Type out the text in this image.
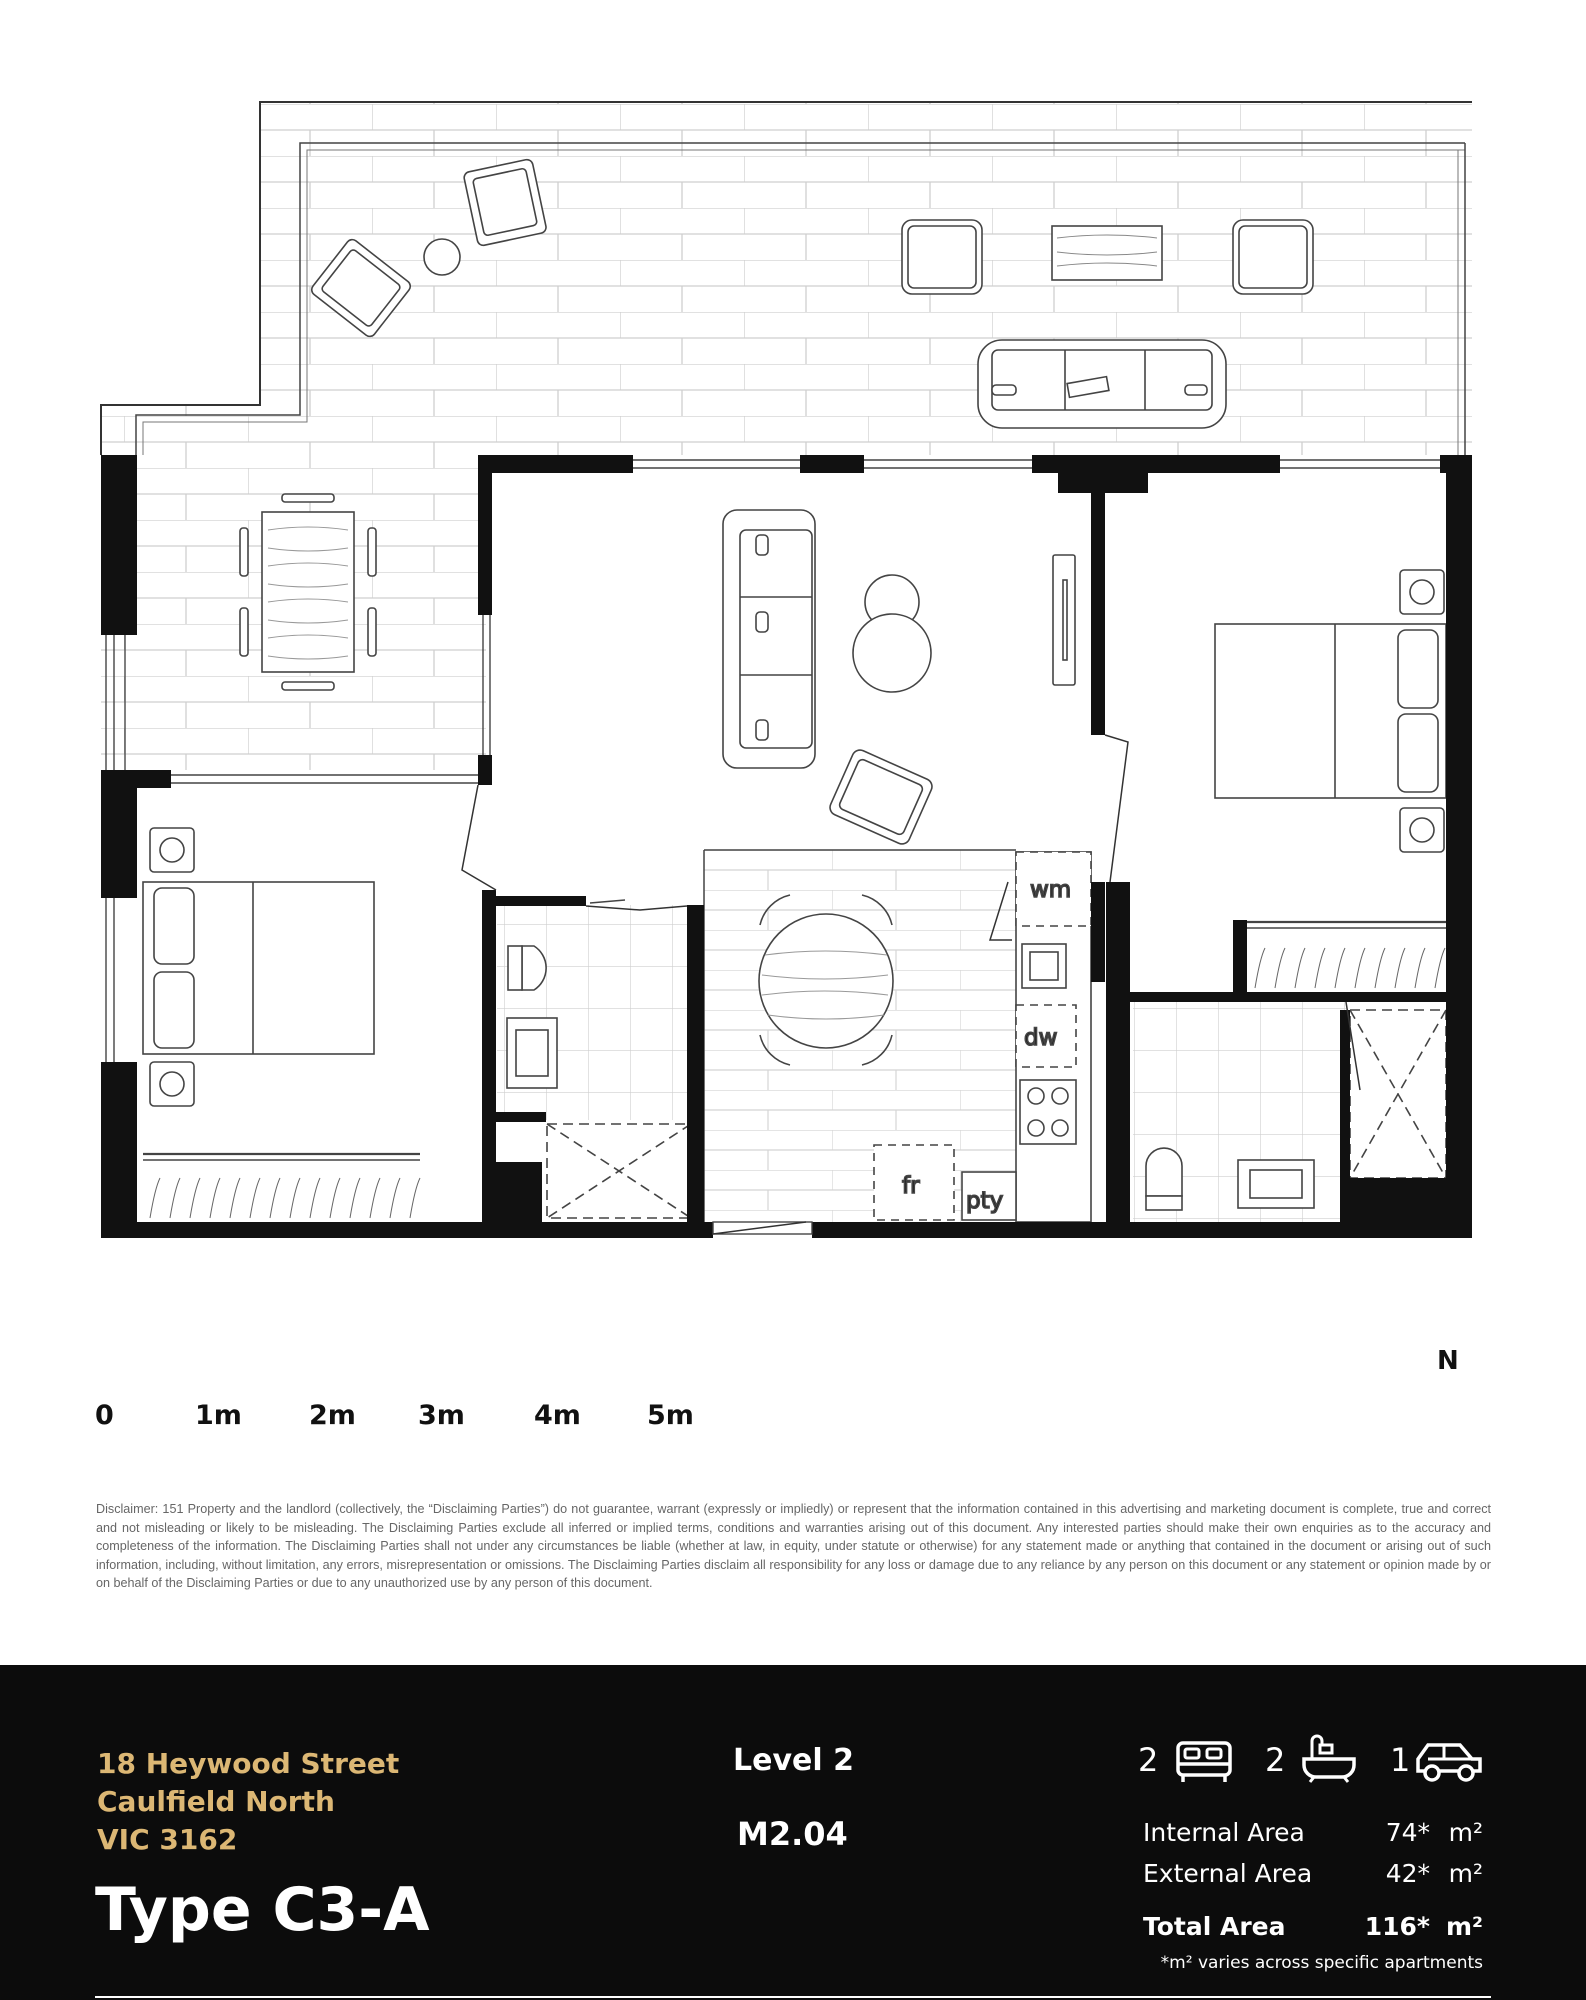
wm
dw
fr
pty
0	1m 2m 3m	4m 5m
N
Disclaimer: 151 Property and the landlord (collectively, the “Disclaiming Parties”) do not guarantee, warrant (expressly or impliedly) or represent that the information contained in this advertising and marketing document is complete, true and correct and not misleading or likely to be misleading. The Disclaiming Parties exclude all inferred or implied terms, conditions and warranties arising out of this document. Any interested parties should make their own enquiries as to the accuracy and completeness of the information. The Disclaiming Parties shall not under any circumstances be liable (whether at law, in equity, under statute or otherwise) for any statement made or anything that contained in the document or arising out of such information, including, without limitation, any errors, misrepresentation or omissions. The Disclaiming Parties disclaim all responsibility for any loss or damage due to any reliance by any person on this document or any statement or opinion made by or on behalf of the Disclaiming Parties or due to any unauthorized use by any person of this document.
18 Heywood Street
Caulfield North
VIC 3162
Type C3-A
Level 2
M2.04
2	2	1
Internal Area	74* m²
External Area	42* m²
Total Area	116* m²
*m² varies across specific apartments
